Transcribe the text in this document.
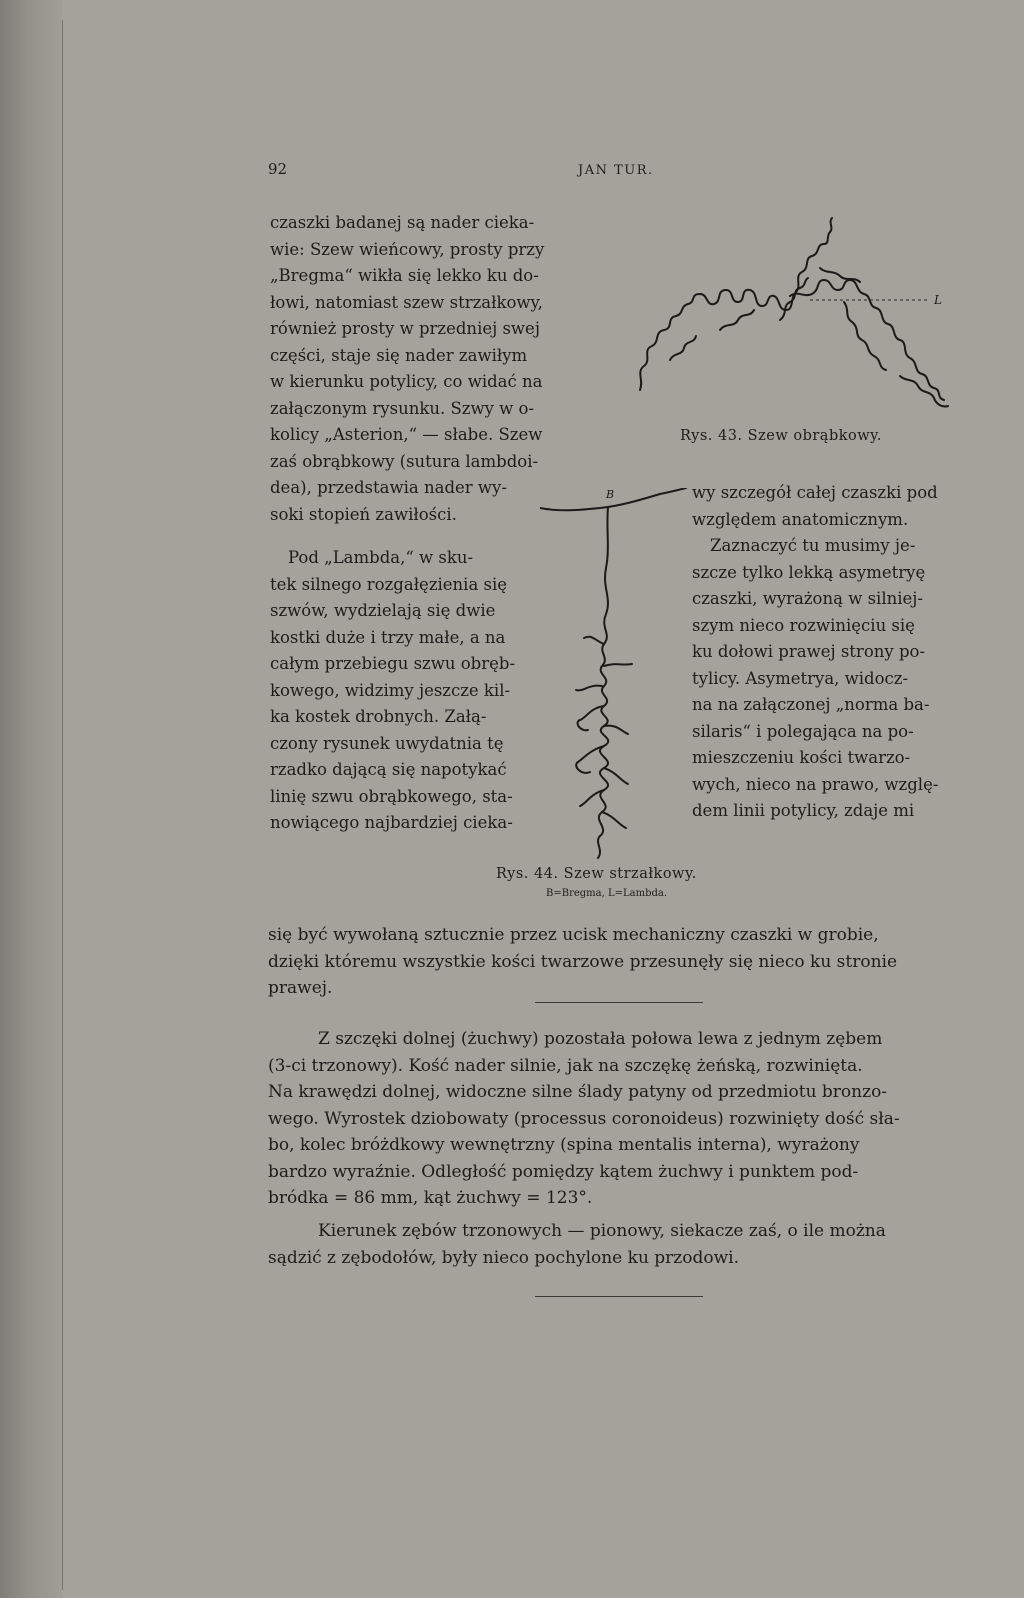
92	JAN TUR.
czaszki badanej są nader cieka-
wie: Szew wieńcowy, prosty przy
„Bregma“ wikła się lekko ku do-
łowi, natomiast szew strzałkowy,
również prosty w przedniej swej
części, staje się nader zawiłym
w kierunku potylicy, co widać na
załączonym rysunku. Szwy w o-
kolicy „Asterion,“ — słabe. Szew
zaś obrąbkowy (sutura lambdoi-
dea), przedstawia nader wy-
soki stopień zawiłości.
Pod „Lambda,“ w sku-
tek silnego rozgałęzienia się
szwów, wydzielają się dwie
kostki duże i trzy małe, a na
całym przebiegu szwu obręb-
kowego, widzimy jeszcze kil-
ka kostek drobnych. Załą-
czony rysunek uwydatnia tę
rzadko dającą się napotykać
linię szwu obrąbkowego, sta-
nowiącego najbardziej cieka-
wy szczegół całej czaszki pod
względem anatomicznym.
Zaznaczyć tu musimy je-
szcze tylko lekką asymetryę
czaszki, wyrażoną w silniej-
szym nieco rozwinięciu się
ku dołowi prawej strony po-
tylicy. Asymetrya, widocz-
na na załączonej „norma ba-
silaris“ i polegająca na po-
mieszczeniu kości twarzo-
wych, nieco na prawo, wzglę-
dem linii potylicy, zdaje mi
L
Rys. 43. Szew obrąbkowy.
B
Rys. 44. Szew strzałkowy.
B=Bregma, L=Lambda.
się być wywołaną sztucznie przez ucisk mechaniczny czaszki w grobie,
dzięki któremu wszystkie kości twarzowe przesunęły się nieco ku stronie
prawej.
Z szczęki dolnej (żuchwy) pozostała połowa lewa z jednym zębem
(3-ci trzonowy). Kość nader silnie, jak na szczękę żeńską, rozwinięta.
Na krawędzi dolnej, widoczne silne ślady patyny od przedmiotu bronzo-
wego. Wyrostek dziobowaty (processus coronoideus) rozwinięty dość sła-
bo, kolec bróżdkowy wewnętrzny (spina mentalis interna), wyrażony
bardzo wyraźnie. Odległość pomiędzy kątem żuchwy i punktem pod-
bródka = 86 mm, kąt żuchwy = 123°.
Kierunek zębów trzonowych — pionowy, siekacze zaś, o ile można
sądzić z zębodołów, były nieco pochylone ku przodowi.
